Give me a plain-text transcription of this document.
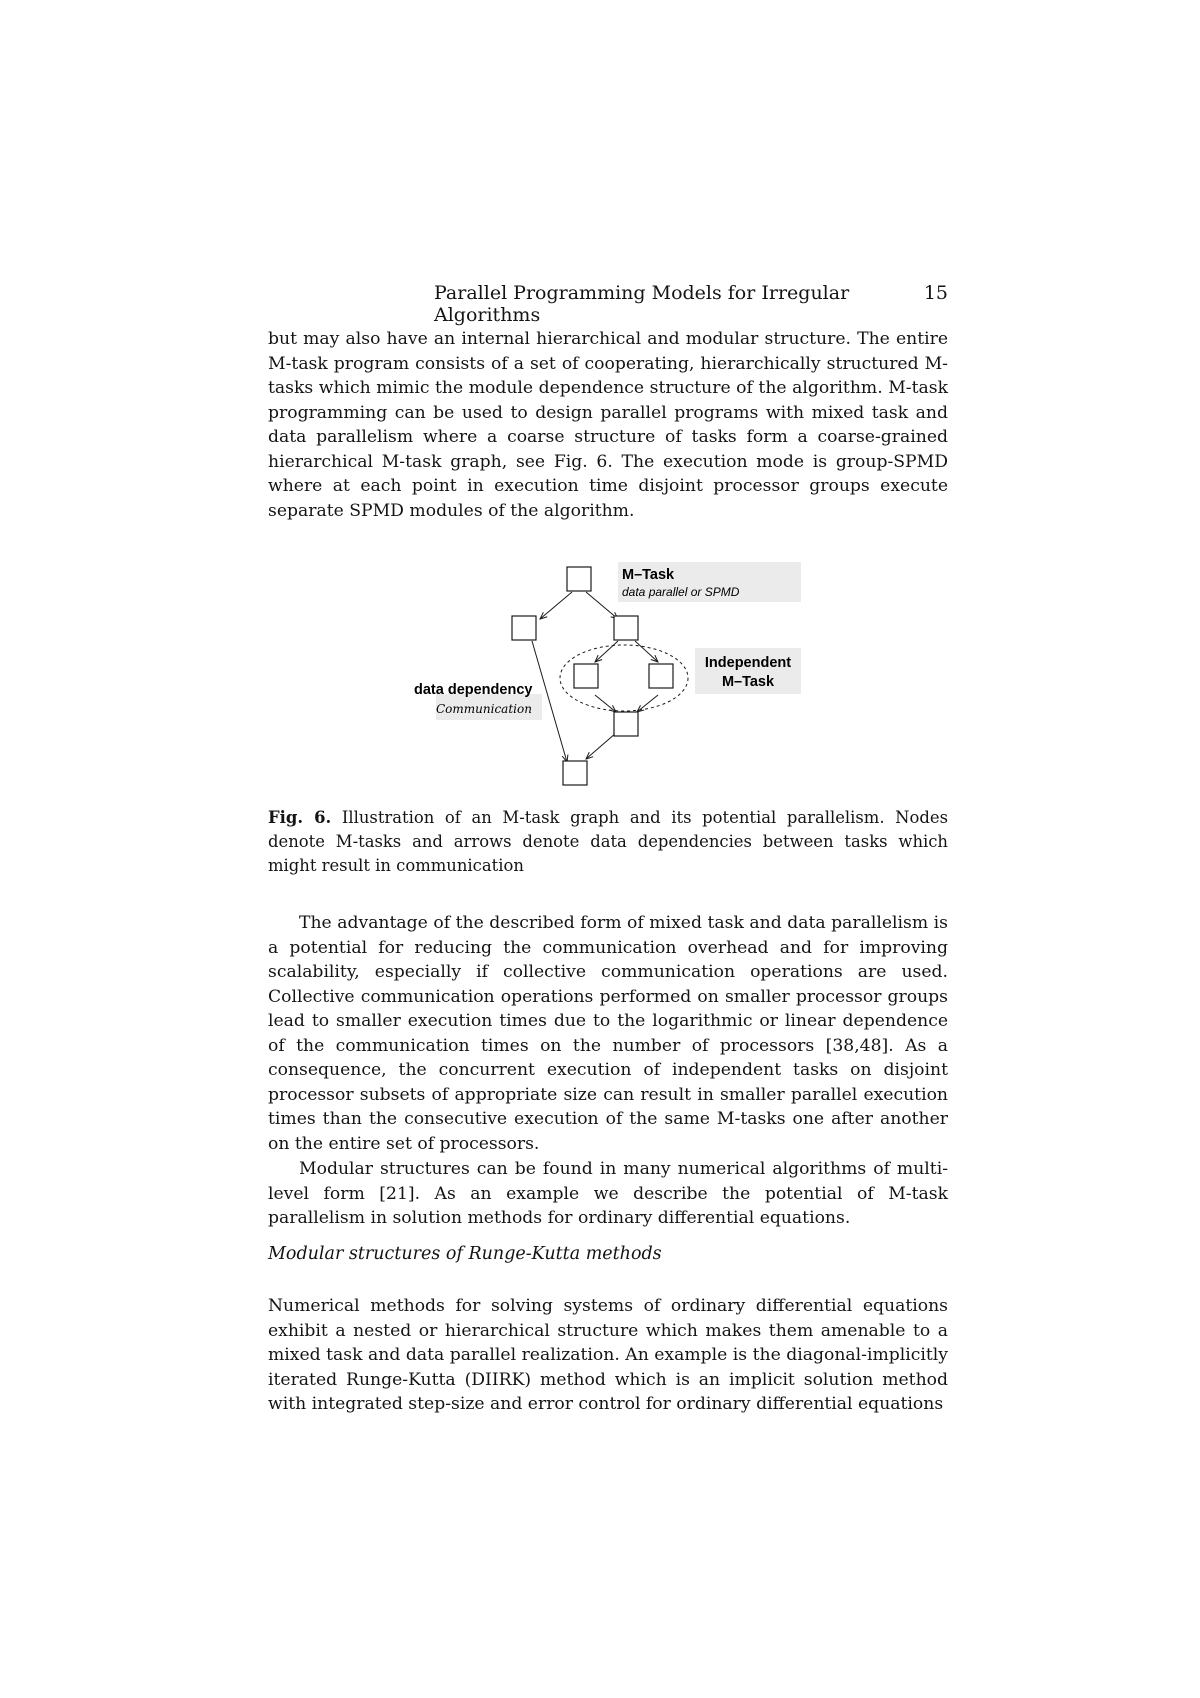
Parallel Programming Models for Irregular Algorithms
15

but may also have an internal hierarchical and modular structure. The entire M-task program consists of a set of cooperating, hierarchically structured M-tasks which mimic the module dependence structure of the algorithm. M-task programming can be used to design parallel programs with mixed task and data parallelism where a coarse structure of tasks form a coarse-grained hierarchical M-task graph, see Fig. 6. The execution mode is group-SPMD where at each point in execution time disjoint processor groups execute separate SPMD modules of the algorithm.

M–Task
data parallel or SPMD
Independent
M–Task
data dependency
Communication
Fig. 6. Illustration of an M-task graph and its potential parallelism. Nodes denote M-tasks and arrows denote data dependencies between tasks which might result in communication

The advantage of the described form of mixed task and data parallelism is a potential for reducing the communication overhead and for improving scalability, especially if collective communication operations are used. Collective communication operations performed on smaller processor groups lead to smaller execution times due to the logarithmic or linear dependence of the communication times on the number of processors [38,48]. As a consequence, the concurrent execution of independent tasks on disjoint processor subsets of appropriate size can result in smaller parallel execution times than the consecutive execution of the same M-tasks one after another on the entire set of processors.

Modular structures can be found in many numerical algorithms of multi-level form [21]. As an example we describe the potential of M-task parallelism in solution methods for ordinary differential equations.

Modular structures of Runge-Kutta methods

Numerical methods for solving systems of ordinary differential equations exhibit a nested or hierarchical structure which makes them amenable to a mixed task and data parallel realization. An example is the diagonal-implicitly iterated Runge-Kutta (DIIRK) method which is an implicit solution method with integrated step-size and error control for ordinary differential equations
